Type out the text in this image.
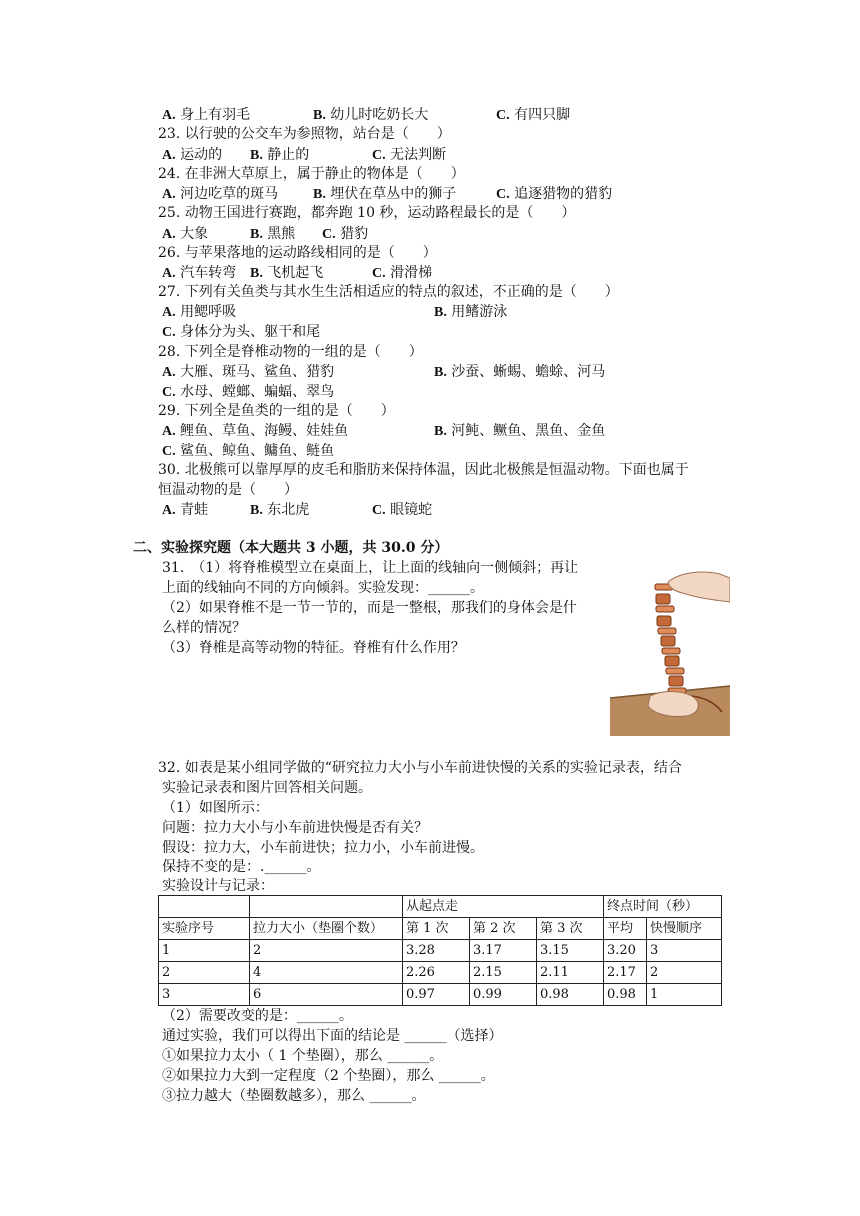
A. 身上有羽毛	B. 幼儿时吃奶长大	C. 有四只脚
23. 以行驶的公交车为参照物，站台是（　　）
A. 运动的 B. 静止的	C. 无法判断
24. 在非洲大草原上，属于静止的物体是（　　）
A. 河边吃草的斑马 B. 埋伏在草丛中的狮子	C. 追逐猎物的猎豹
25. 动物王国进行赛跑，都奔跑 10 秒，运动路程最长的是（　　）
A. 大象	B. 黑熊 C. 猎豹
26. 与苹果落地的运动路线相同的是（　　）
A. 汽车转弯 B. 飞机起飞	C. 滑滑梯
27. 下列有关鱼类与其水生生活相适应的特点的叙述，不正确的是（　　）
A. 用鳃呼吸	B. 用鳍游泳
C. 身体分为头、躯干和尾
28. 下列全是脊椎动物的一组的是（　　）
A. 大雁、斑马、鲨鱼、猎豹	B. 沙蚕、蜥蜴、蟾蜍、河马
C. 水母、螳螂、蝙蝠、翠鸟
29. 下列全是鱼类的一组的是（　　）
A. 鲤鱼、草鱼、海鳗、娃娃鱼	B. 河鲀、鳜鱼、黑鱼、金鱼
C. 鲨鱼、鲸鱼、鳙鱼、鲢鱼
30. 北极熊可以靠厚厚的皮毛和脂肪来保持体温，因此北极熊是恒温动物。下面也属于
恒温动物的是（　　）
A. 青蛙	B. 东北虎	C. 眼镜蛇
二、实验探究题（本大题共 3 小题，共 30.0 分）
31.　（1）将脊椎模型立在桌面上，让上面的线轴向一侧倾斜；再让
上面的线轴向不同的方向倾斜。实验发现：______。
（2）如果脊椎不是一节一节的，而是一整根，那我们的身体会是什
么样的情况？
（3）脊椎是高等动物的特征。脊椎有什么作用？
32. 如表是某小组同学做的“研究拉力大小与小车前进快慢的关系的实验记录表，结合
实验记录表和图片回答相关问题。
（1）如图所示：
问题：拉力大小与小车前进快慢是否有关？
假设：拉力大，小车前进快；拉力小，小车前进慢。
保持不变的是：.______。
实验设计与记录：
		从起点走			终点时间（秒）	
实验序号	拉力大小（垫圈个数）	第 1 次	第 2 次	第 3 次	平均	快慢顺序
1	2	3.28	3.17	3.15	3.20	3
2	4	2.26	2.15	2.11	2.17	2
3	6	0.97	0.99	0.98	0.98	1
（2）需要改变的是：______。
通过实验，我们可以得出下面的结论是 ______（选择）
①如果拉力太小（ 1 个垫圈），那么 ______。
②如果拉力大到一定程度（2 个垫圈），那么 ______。
③拉力越大（垫圈数越多），那么 ______。
